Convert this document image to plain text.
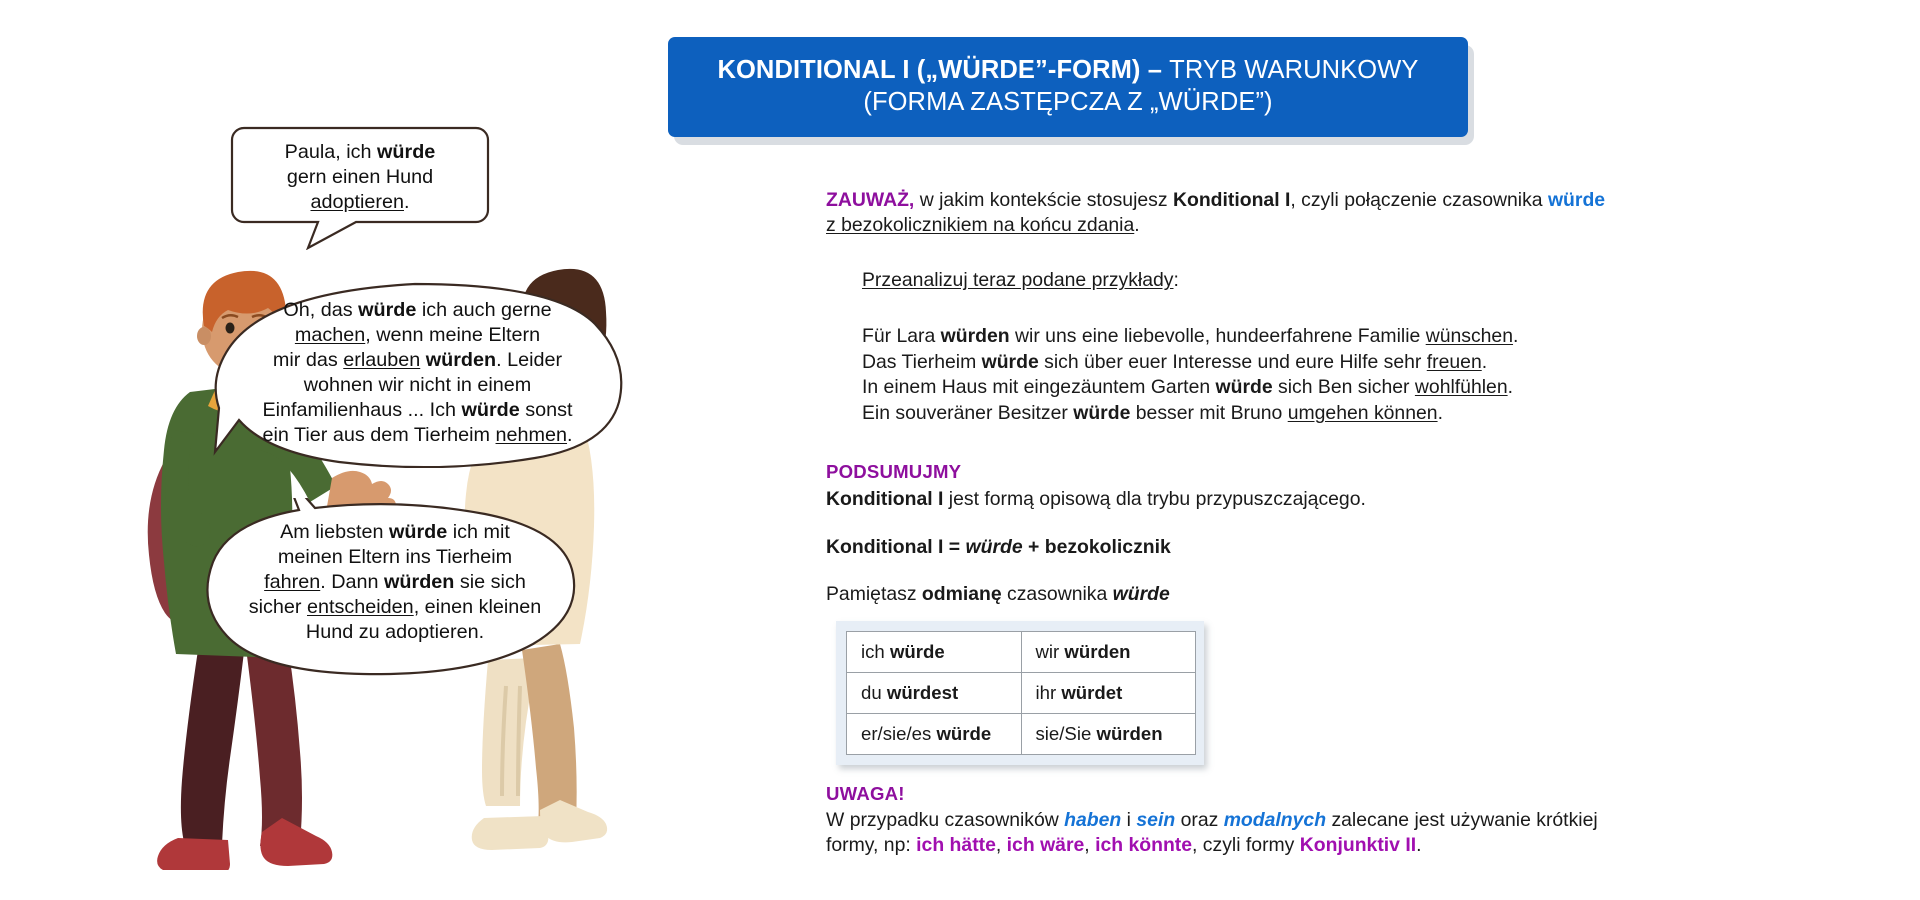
KONDITIONAL I („WÜRDE”-FORM) – TRYB WARUNKOWY
(FORMA ZASTĘPCZA Z „WÜRDE”)
Paula, ich würde
gern einen Hund
adoptieren.
Oh, das würde ich auch gerne
machen, wenn meine Eltern
mir das erlauben würden. Leider
wohnen wir nicht in einem
Einfamilienhaus ... Ich würde sonst
ein Tier aus dem Tierheim nehmen.
Am liebsten würde ich mit
meinen Eltern ins Tierheim
fahren. Dann würden sie sich
sicher entscheiden, einen kleinen
Hund zu adoptieren.
ZAUWAŻ, w jakim kontekście stosujesz Konditional I, czyli połączenie czasownika würde
z bezokolicznikiem na końcu zdania.
Przeanalizuj teraz podane przykłady:
Für Lara würden wir uns eine liebevolle, hundeerfahrene Familie wünschen.
Das Tierheim würde sich über euer Interesse und eure Hilfe sehr freuen.
In einem Haus mit eingezäuntem Garten würde sich Ben sicher wohlfühlen.
Ein souveräner Besitzer würde besser mit Bruno umgehen können.
PODSUMUJMY
Konditional I jest formą opisową dla trybu przypuszczającego.
Konditional I = würde + bezokolicznik
Pamiętasz odmianę czasownika würde
ich würde	wir würden
du würdest	ihr würdet
er/sie/es würde	sie/Sie würden
UWAGA!
W przypadku czasowników haben i sein oraz modalnych zalecane jest używanie krótkiej
formy, np: ich hätte, ich wäre, ich könnte, czyli formy Konjunktiv II.
